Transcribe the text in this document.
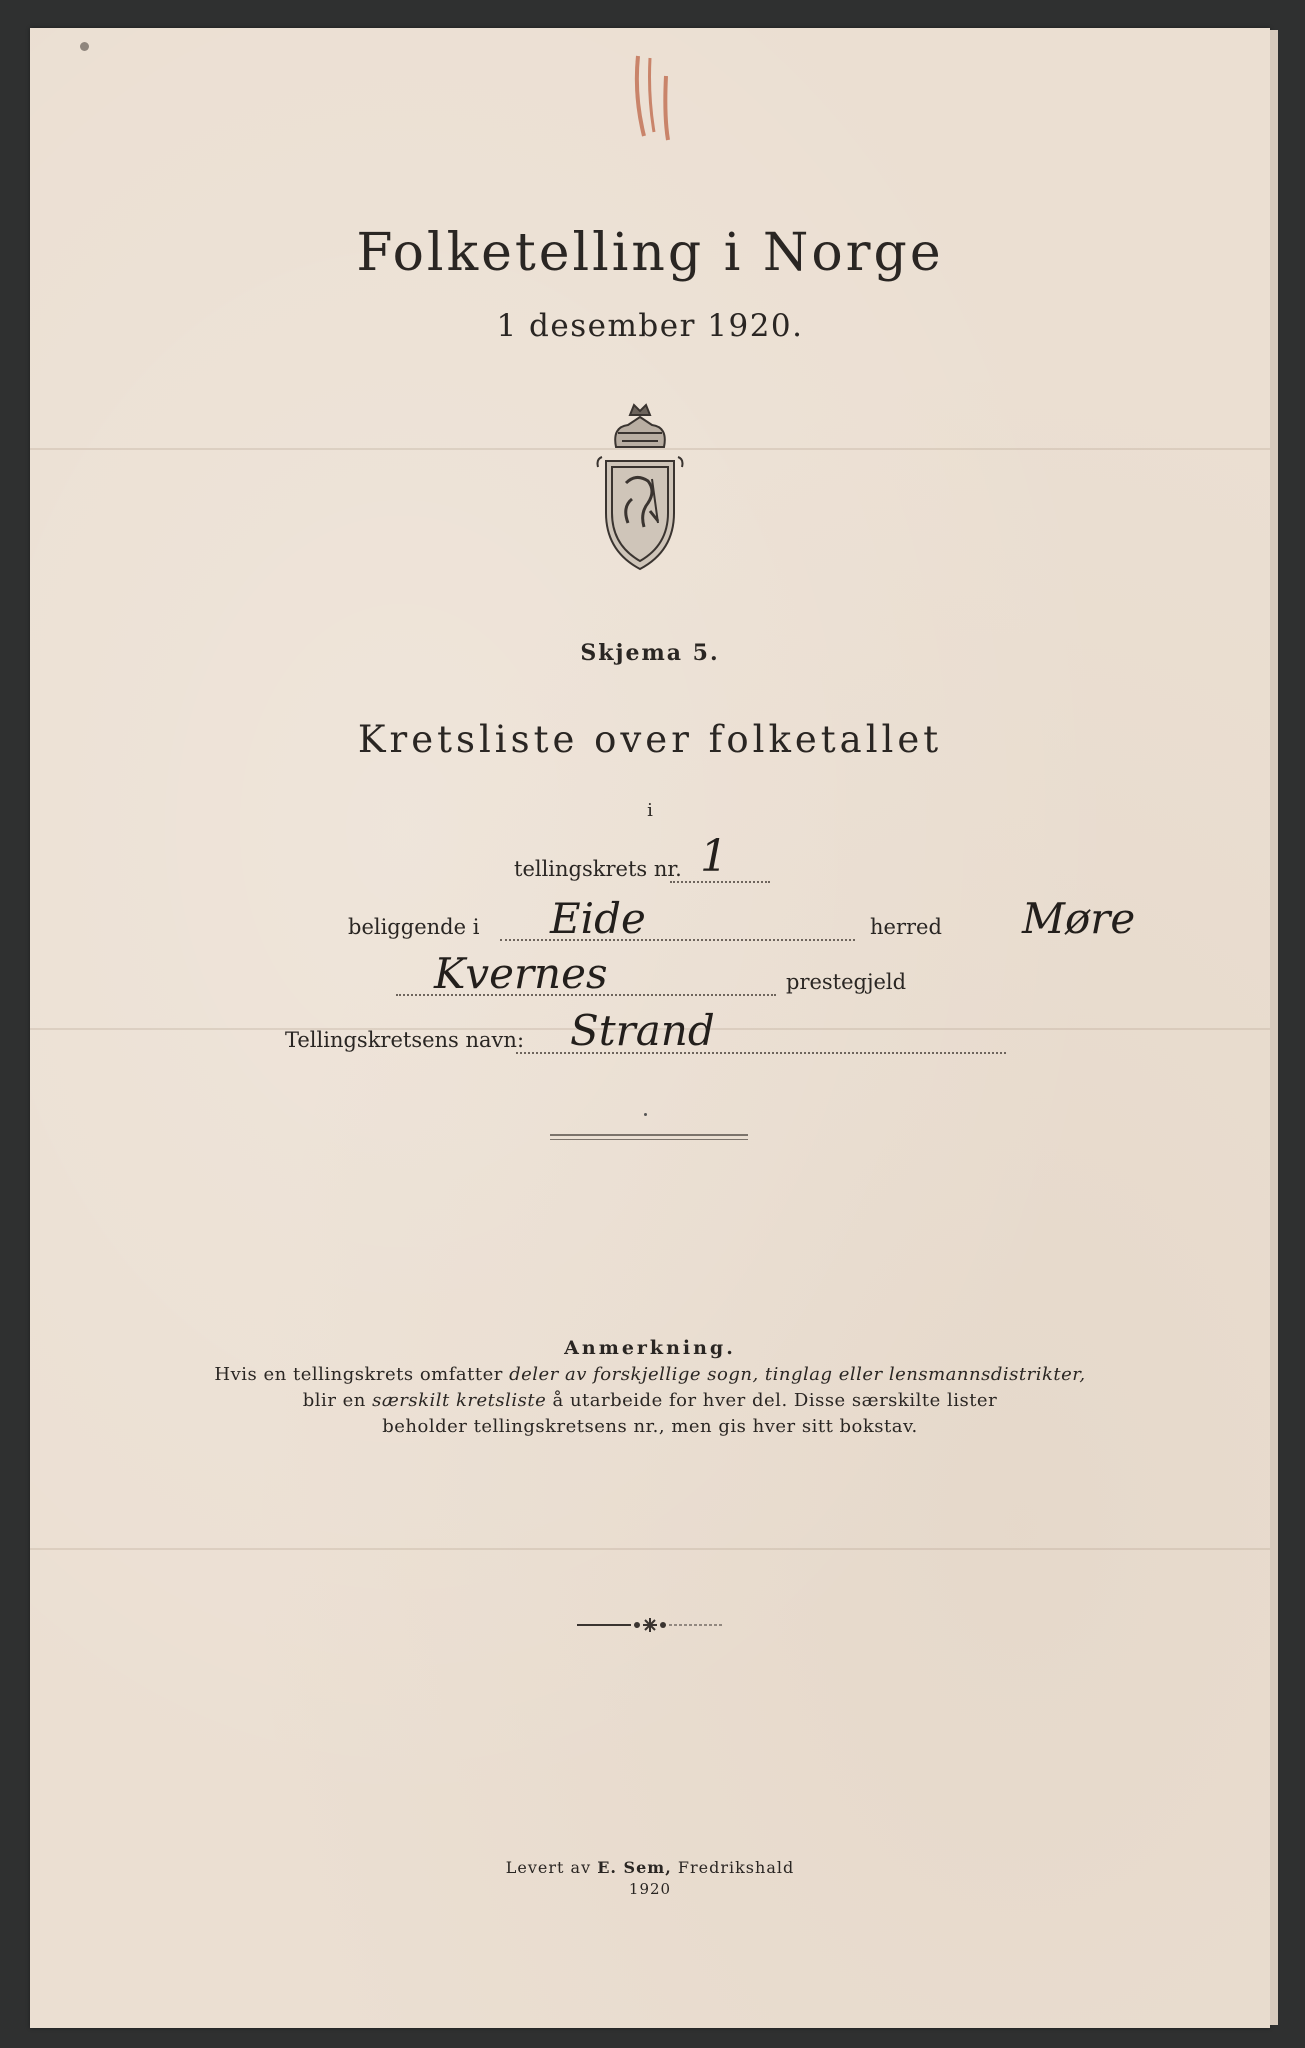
Folketelling i Norge
1 desember 1920.
Skjema 5.
Kretsliste over folketallet
i
tellingskrets nr. 1
beliggende i Eide	herred Møre
Kvernes	prestegjeld
Tellingskretsens navn: Strand
Anmerkning.
Hvis en tellingskrets omfatter deler av forskjellige sogn, tinglag eller lensmannsdistrikter,
blir en særskilt kretsliste å utarbeide for hver del. Disse særskilte lister
beholder tellingskretsens nr., men gis hver sitt bokstav.
Levert av E. Sem, Fredrikshald
1920
